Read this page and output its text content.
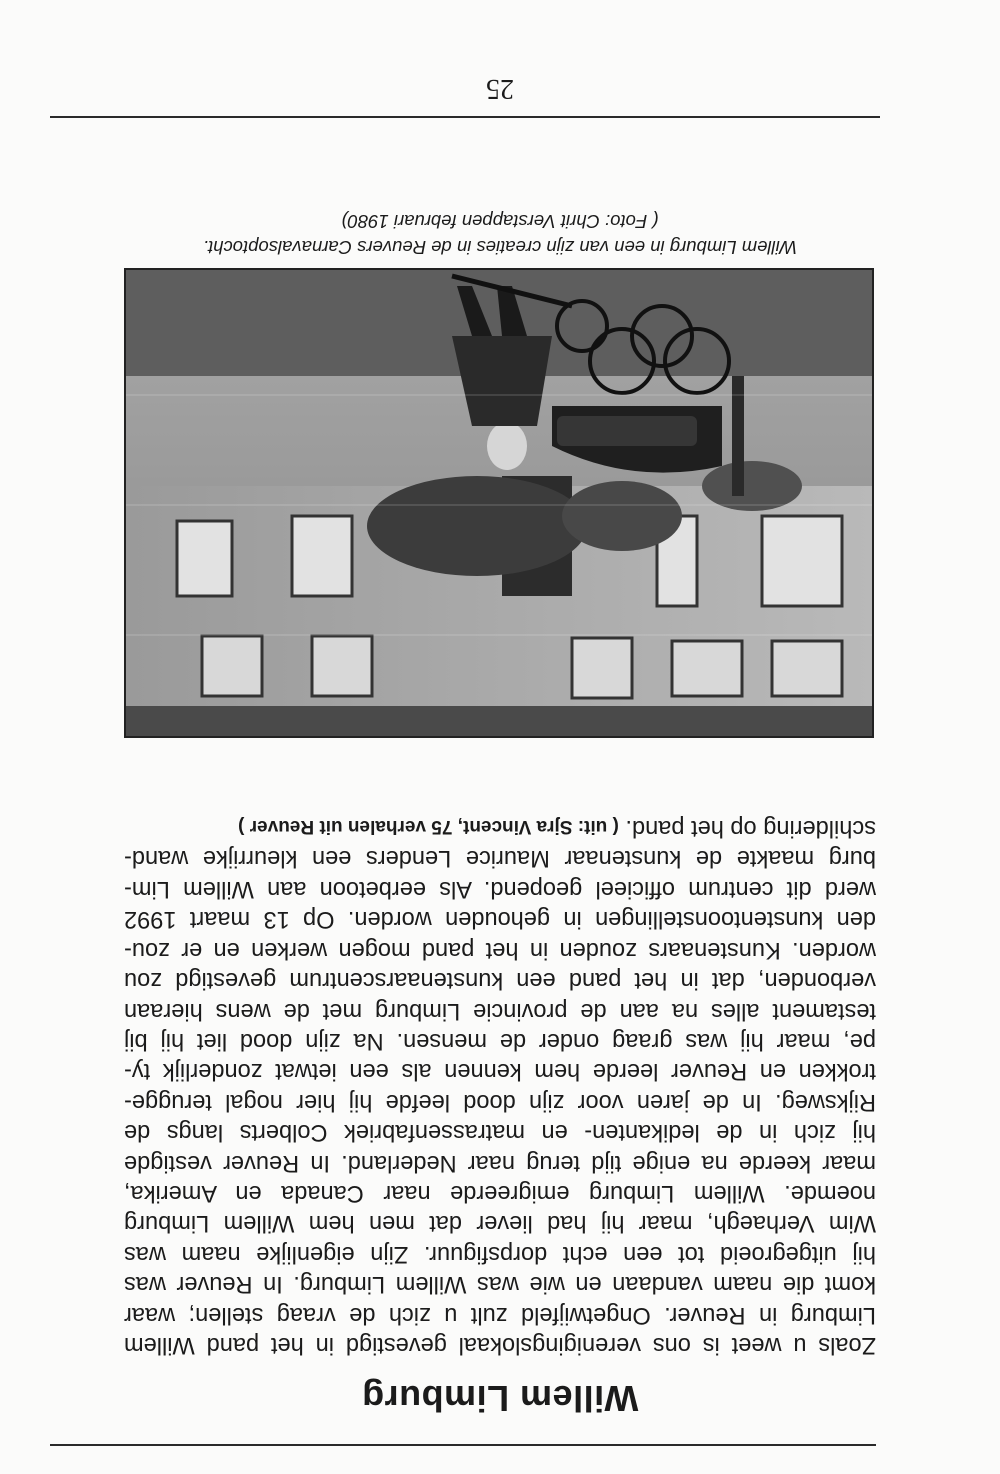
Willem Limburg
Zoals u weet is ons verenigingslokaal gevestigd in het pand Willem
Limburg in Reuver. Ongetwijfeld zult u zich de vraag stellen; waar
komt die naam vandaan en wie was Willem Limburg. In Reuver was
hij uitgegroeid tot een echt dorpsfiguur. Zijn eigenlijke naam was
Wim Verhaegh, maar hij had liever dat men hem Willem Limburg
noemde. Willem Limburg emigreerde naar Canada en Amerika,
maar keerde na enige tijd terug naar Nederland. In Reuver vestigde
hij zich in de ledikanten- en matrassenfabriek Colberts langs de
Rijksweg. In de jaren voor zijn dood leefde hij hier nogal terugge-
trokken en Reuver leerde hem kennen als een ietwat zonderlijk ty-
pe, maar hij was graag onder de mensen. Na zijn dood liet hij bij
testament alles na aan de provincie Limburg met de wens hieraan
verbonden, dat in het pand een kunstenaarscentrum gevestigd zou
worden. Kunstenaars zouden in het pand mogen werken en er zou-
den kunstentoonstellingen in gehouden worden. Op 13 maart 1992
werd dit centrum officieel geopend. Als eerbetoon aan Willem Lim-
burg maakte de kunstenaar Maurice Lenders een kleurrijke wand-
schildering op het pand. ( uit: Sjra Vincent, 75 verhalen uit Reuver )
Willem Limburg in een van zijn creaties in de Reuvers Carnavalsoptocht.
( Foto: Chrit Verstappen februari 1980)
25
